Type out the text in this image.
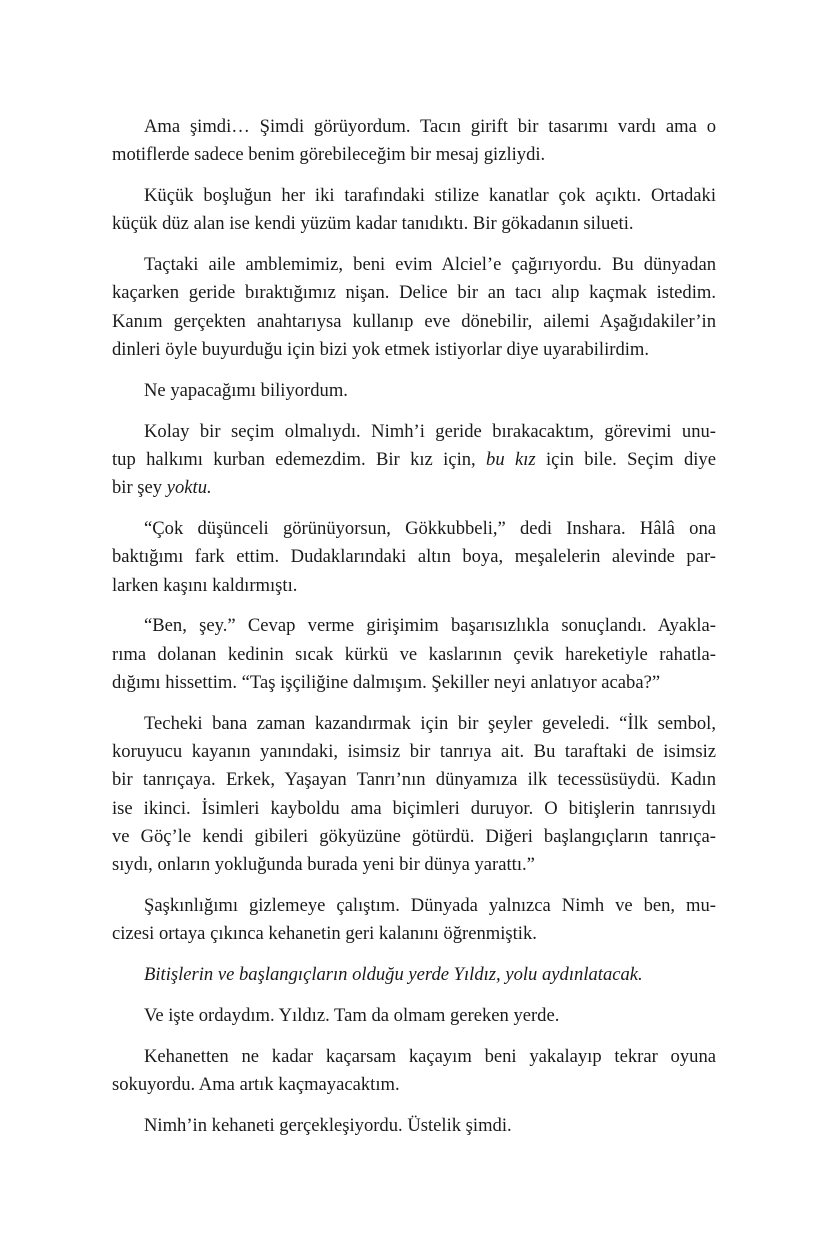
Ama şimdi… Şimdi görüyordum. Tacın girift bir tasarımı vardı ama o
motiflerde sadece benim görebileceğim bir mesaj gizliydi.
Küçük boşluğun her iki tarafındaki stilize kanatlar çok açıktı. Ortadaki
küçük düz alan ise kendi yüzüm kadar tanıdıktı. Bir gökadanın silueti.
Taçtaki aile amblemimiz, beni evim Alciel’e çağırıyordu. Bu dünyadan
kaçarken geride bıraktığımız nişan. Delice bir an tacı alıp kaçmak istedim.
Kanım gerçekten anahtarıysa kullanıp eve dönebilir, ailemi Aşağıdakiler’in
dinleri öyle buyurduğu için bizi yok etmek istiyorlar diye uyarabilirdim.
Ne yapacağımı biliyordum.
Kolay bir seçim olmalıydı. Nimh’i geride bırakacaktım, görevimi unu-
tup halkımı kurban edemezdim. Bir kız için, bu kız için bile. Seçim diye
bir şey yoktu.
“Çok düşünceli görünüyorsun, Gökkubbeli,” dedi Inshara. Hâlâ ona
baktığımı fark ettim. Dudaklarındaki altın boya, meşalelerin alevinde par-
larken kaşını kaldırmıştı.
“Ben, şey.” Cevap verme girişimim başarısızlıkla sonuçlandı. Ayakla-
rıma dolanan kedinin sıcak kürkü ve kaslarının çevik hareketiyle rahatla-
dığımı hissettim. “Taş işçiliğine dalmışım. Şekiller neyi anlatıyor acaba?”
Techeki bana zaman kazandırmak için bir şeyler geveledi. “İlk sembol,
koruyucu kayanın yanındaki, isimsiz bir tanrıya ait. Bu taraftaki de isimsiz
bir tanrıçaya. Erkek, Yaşayan Tanrı’nın dünyamıza ilk tecessüsüydü. Kadın
ise ikinci. İsimleri kayboldu ama biçimleri duruyor. O bitişlerin tanrısıydı
ve Göç’le kendi gibileri gökyüzüne götürdü. Diğeri başlangıçların tanrıça-
sıydı, onların yokluğunda burada yeni bir dünya yarattı.”
Şaşkınlığımı gizlemeye çalıştım. Dünyada yalnızca Nimh ve ben, mu-
cizesi ortaya çıkınca kehanetin geri kalanını öğrenmiştik.
Bitişlerin ve başlangıçların olduğu yerde Yıldız, yolu aydınlatacak.
Ve işte ordaydım. Yıldız. Tam da olmam gereken yerde.
Kehanetten ne kadar kaçarsam kaçayım beni yakalayıp tekrar oyuna
sokuyordu. Ama artık kaçmayacaktım.
Nimh’in kehaneti gerçekleşiyordu. Üstelik şimdi.
